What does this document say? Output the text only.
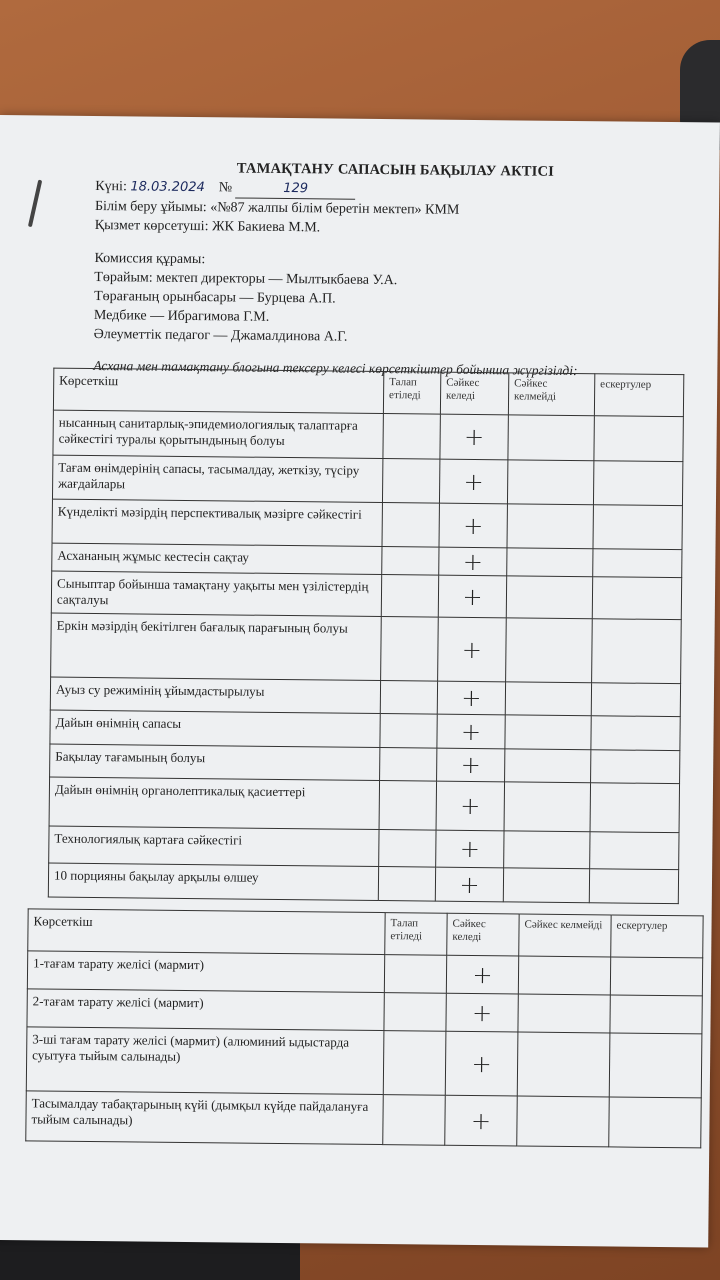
ТАМАҚТАНУ САПАСЫН БАҚЫЛАУ АКТІСІ
Күні: 18.03.2024 №	129
Білім беру ұйымы: «№87 жалпы білім беретін мектеп» КММ
Қызмет көрсетуші: ЖК Бакиева М.М.
Комиссия құрамы:
Төрайым: мектеп директоры — Мылтыкбаева У.А.
Төрағаның орынбасары — Бурцева А.П.
Медбике — Ибрагимова Г.М.
Әлеуметтік педагог — Джамалдинова А.Г.
Асхана мен тамақтану блогына тексеру келесі көрсеткіштер бойынша жүргізілді:
Көрсеткіш	Талап етіледі	Сәйкес келеді	Сәйкес келмейді	ескертулер
нысанның санитарлық-эпидемиологиялық талаптарға сәйкестігі туралы қорытындының болуы		+		
Тағам өнімдерінің сапасы, тасымалдау, жеткізу, түсіру жағдайлары		+		
Күнделікті мәзірдің перспективалық мәзірге сәйкестігі		+		
Асхананың жұмыс кестесін сақтау		+		
Сыныптар бойынша тамақтану уақыты мен үзілістердің сақталуы		+		
Еркін мәзірдің бекітілген бағалық парағының болуы		+		
Ауыз су режимінің ұйымдастырылуы		+		
Дайын өнімнің сапасы		+		
Бақылау тағамының болуы		+		
Дайын өнімнің органолептикалық қасиеттері		+		
Технологиялық картаға сәйкестігі		+		
10 порцияны бақылау арқылы өлшеу		+		
Көрсеткіш	Талап етіледі	Сәйкес келеді	Сәйкес келмейді	ескертулер
1-тағам тарату желісі (мармит)		+		
2-тағам тарату желісі (мармит)		+		
3-ші тағам тарату желісі (мармит) (алюминий ыдыстарда суытуға тыйым салынады)		+		
Тасымалдау табақтарының күйі (дымқыл күйде пайдалануға тыйым салынады)		+		
